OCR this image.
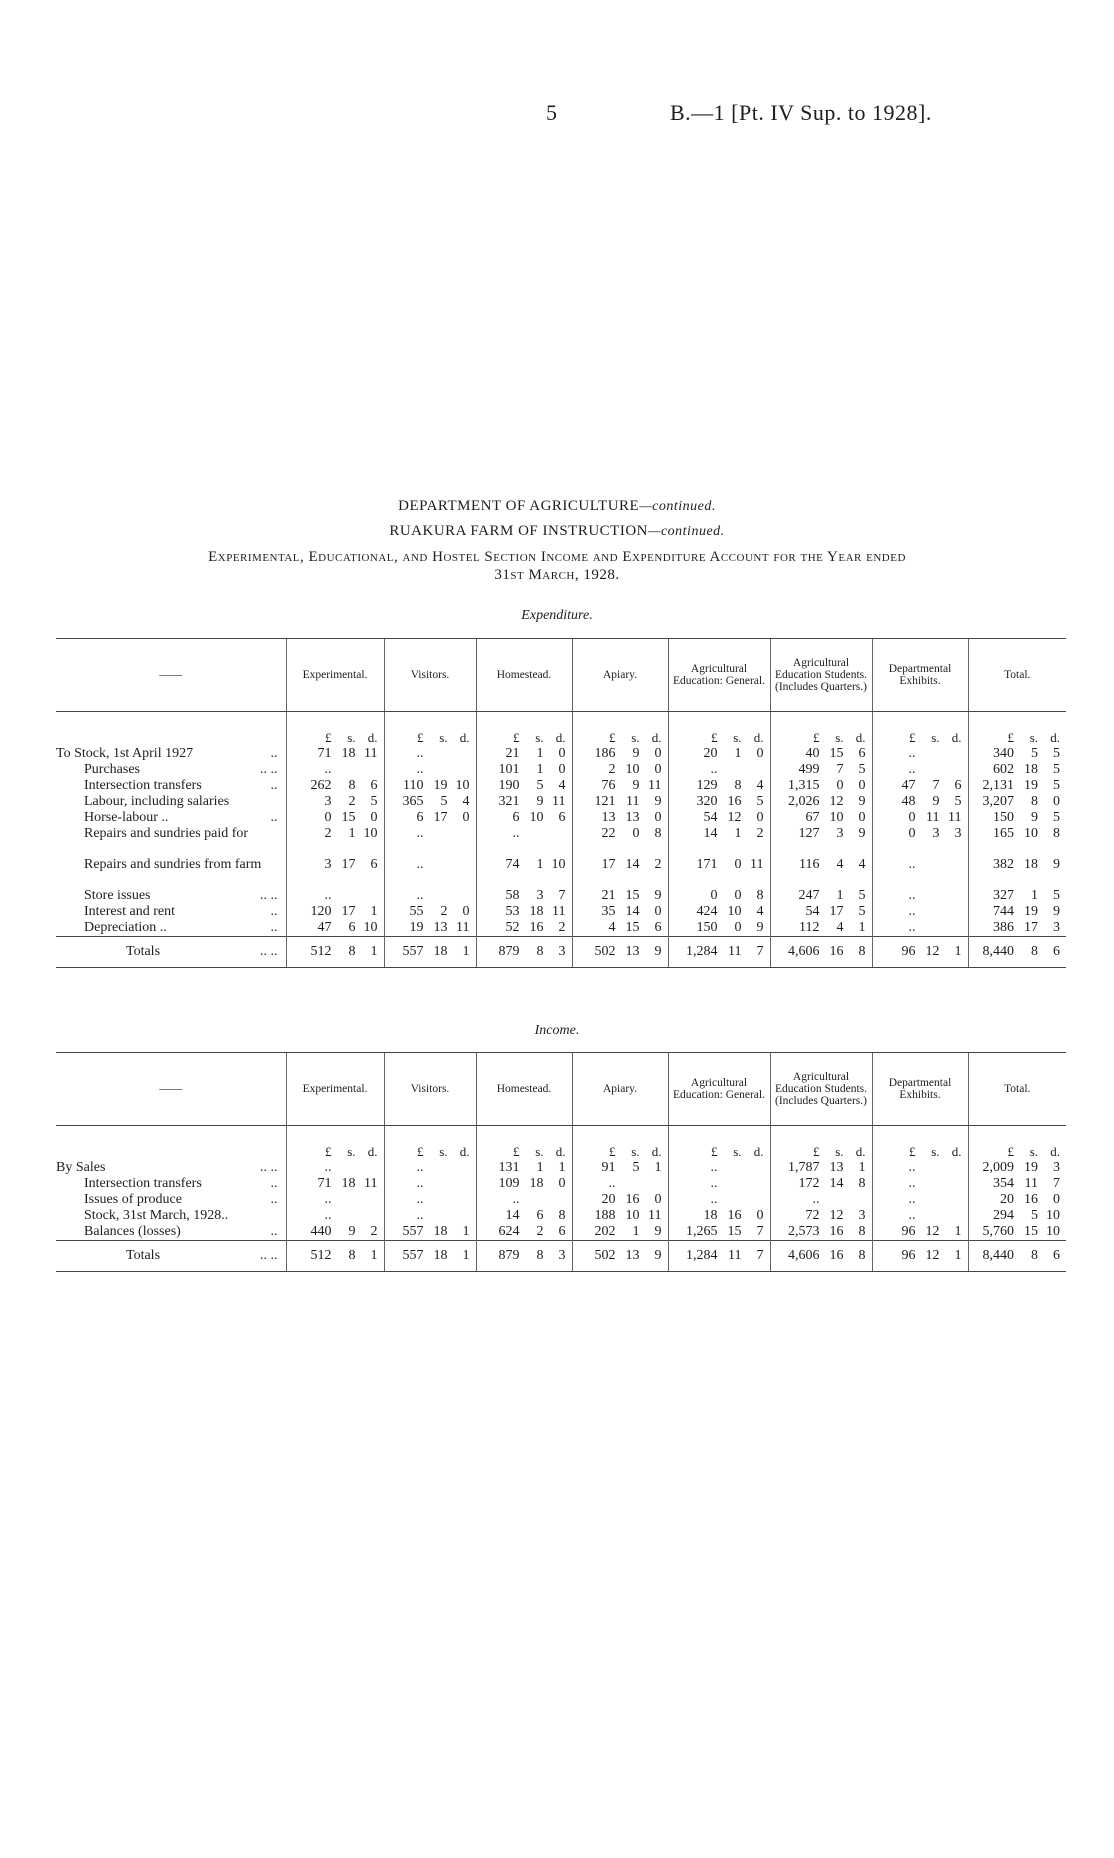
5	B.—1 [Pt. IV Sup. to 1928].
DEPARTMENT OF AGRICULTURE—continued.
RUAKURA FARM OF INSTRUCTION—continued.
Experimental, Educational, and Hostel Section Income and Expenditure Account for the Year ended
31st March, 1928.
Expenditure.
——	Experimental.	Visitors.	Homestead.	Apiary.	Agricultural Education: General.	Agricultural Education Students. (Includes Quarters.)	Departmental Exhibits.	Total.

	£ s. d.	£ s. d.	£ s. d.	£ s. d.	£ s. d.	£ s. d.	£ s. d.	£ s. d.

..
To Stock, 1st April 1927	71 18 11	..	21 1 0	186 9 0	20 1 0	40 15 6	..	340 5 5

.. ..
Purchases	..	..	101 1 0	2 10 0	..	499 7 5	..	602 18 5

..
Intersection transfers	262 8 6	110 19 10	190 5 4	76 9 11	129 8 4	1,315 0 0	47 7 6	2,131 19 5

Labour, including salaries	3 2 5	365 5 4	321 9 11	121 11 9	320 16 5	2,026 12 9	48 9 5	3,207 8 0

..
Horse-labour ..	0 15 0	6 17 0	6 10 6	13 13 0	54 12 0	67 10 0	0 11 11	150 9 5

Repairs and sundries paid for	2 1 10	..	..	22 0 8	14 1 2	127 3 9	0 3 3	165 10 8

Repairs and sundries from farm	3 17 6	..	74 1 10	17 14 2	171 0 11	116 4 4	..	382 18 9

.. ..
Store issues	..	..	58 3 7	21 15 9	0 0 8	247 1 5	..	327 1 5

..
Interest and rent	120 17 1	55 2 0	53 18 11	35 14 0	424 10 4	54 17 5	..	744 19 9

..
Depreciation ..	47 6 10	19 13 11	52 16 2	4 15 6	150 0 9	112 4 1	..	386 17 3

.. ..
Totals	512 8 1	557 18 1	879 8 3	502 13 9	1,284 11 7	4,606 16 8	96 12 1	8,440 8 6
Income.
——	Experimental.	Visitors.	Homestead.	Apiary.	Agricultural Education: General.	Agricultural Education Students. (Includes Quarters.)	Departmental Exhibits.	Total.

	£ s. d.	£ s. d.	£ s. d.	£ s. d.	£ s. d.	£ s. d.	£ s. d.	£ s. d.

.. ..
By Sales	..	..	131 1 1	91 5 1	..	1,787 13 1	..	2,009 19 3

..
Intersection transfers	71 18 11	..	109 18 0	..	..	172 14 8	..	354 11 7

..
Issues of produce	..	..	..	20 16 0	..	..	..	20 16 0

Stock, 31st March, 1928..	..	..	14 6 8	188 10 11	18 16 0	72 12 3	..	294 5 10

..
Balances (losses)	440 9 2	557 18 1	624 2 6	202 1 9	1,265 15 7	2,573 16 8	96 12 1	5,760 15 10

.. ..
Totals	512 8 1	557 18 1	879 8 3	502 13 9	1,284 11 7	4,606 16 8	96 12 1	8,440 8 6
